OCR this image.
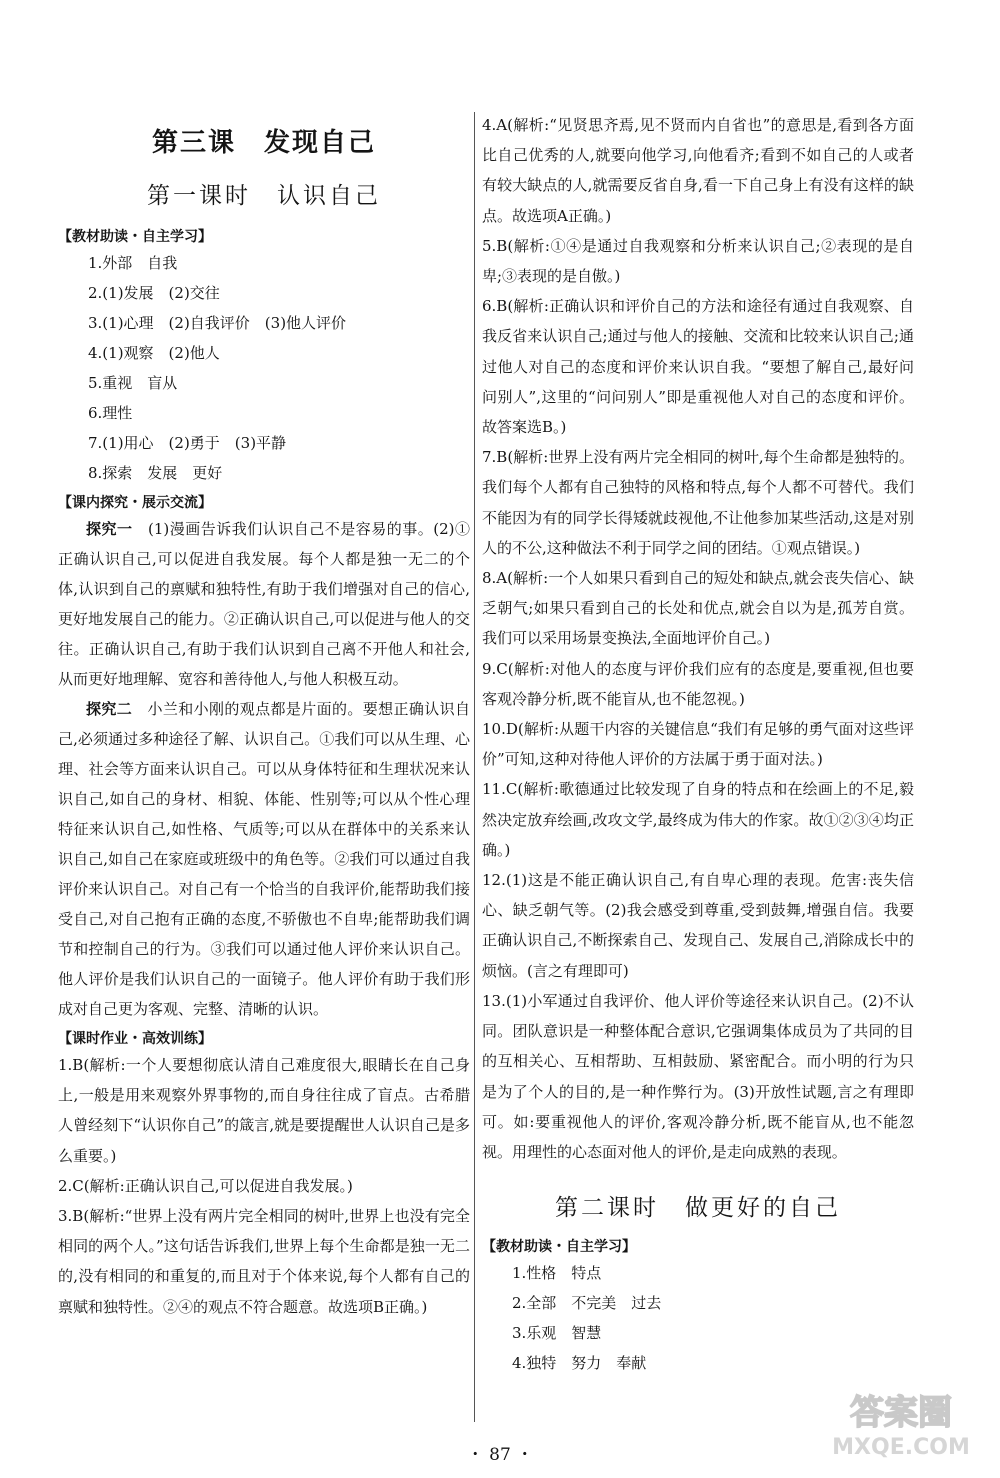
第三课　发现自己
第一课时　认识自己
【教材助读・自主学习】
1.外部　自我
2.(1)发展　(2)交往
3.(1)心理　(2)自我评价　(3)他人评价
4.(1)观察　(2)他人
5.重视　盲从
6.理性
7.(1)用心　(2)勇于　(3)平静
8.探索　发展　更好
【课内探究・展示交流】
探究一　 (1)漫画告诉我们认识自己不是容易的事。(2)①正确认识自己,可以促进自我发展。每个人都是独一无二的个体,认识到自己的禀赋和独特性,有助于我们增强对自己的信心,更好地发展自己的能力。②正确认识自己,可以促进与他人的交往。正确认识自己,有助于我们认识到自己离不开他人和社会,从而更好地理解、宽容和善待他人,与他人积极互动。
探究二　 小兰和小刚的观点都是片面的。要想正确认识自己,必须通过多种途径了解、认识自己。①我们可以从生理、心理、社会等方面来认识自己。可以从身体特征和生理状况来认识自己,如自己的身材、相貌、体能、性别等;可以从个性心理特征来认识自己,如性格、气质等;可以从在群体中的关系来认识自己,如自己在家庭或班级中的角色等。②我们可以通过自我评价来认识自己。对自己有一个恰当的自我评价,能帮助我们接受自己,对自己抱有正确的态度,不骄傲也不自卑;能帮助我们调节和控制自己的行为。③我们可以通过他人评价来认识自己。他人评价是我们认识自己的一面镜子。他人评价有助于我们形成对自己更为客观、完整、清晰的认识。
【课时作业・高效训练】
1.B(解析:一个人要想彻底认清自己难度很大,眼睛长在自己身上,一般是用来观察外界事物的,而自身往往成了盲点。古希腊人曾经刻下“认识你自己”的箴言,就是要提醒世人认识自己是多么重要。)
2.C(解析:正确认识自己,可以促进自我发展。)
3.B(解析:“世界上没有两片完全相同的树叶,世界上也没有完全相同的两个人。”这句话告诉我们,世界上每个生命都是独一无二的,没有相同的和重复的,而且对于个体来说,每个人都有自己的禀赋和独特性。②④的观点不符合题意。故选项B正确。)
4.A(解析:“见贤思齐焉,见不贤而内自省也”的意思是,看到各方面比自己优秀的人,就要向他学习,向他看齐;看到不如自己的人或者有较大缺点的人,就需要反省自身,看一下自己身上有没有这样的缺点。故选项A正确。)
5.B(解析:①④是通过自我观察和分析来认识自己;②表现的是自卑;③表现的是自傲。)
6.B(解析:正确认识和评价自己的方法和途径有通过自我观察、自我反省来认识自己;通过与他人的接触、交流和比较来认识自己;通过他人对自己的态度和评价来认识自我。“要想了解自己,最好问问别人”,这里的“问问别人”即是重视他人对自己的态度和评价。故答案选B。)
7.B(解析:世界上没有两片完全相同的树叶,每个生命都是独特的。我们每个人都有自己独特的风格和特点,每个人都不可替代。我们不能因为有的同学长得矮就歧视他,不让他参加某些活动,这是对别人的不公,这种做法不利于同学之间的团结。①观点错误。)
8.A(解析:一个人如果只看到自己的短处和缺点,就会丧失信心、缺乏朝气;如果只看到自己的长处和优点,就会自以为是,孤芳自赏。我们可以采用场景变换法,全面地评价自己。)
9.C(解析:对他人的态度与评价我们应有的态度是,要重视,但也要客观冷静分析,既不能盲从,也不能忽视。)
10.D(解析:从题干内容的关键信息“我们有足够的勇气面对这些评价”可知,这种对待他人评价的方法属于勇于面对法。)
11.C(解析:歌德通过比较发现了自身的特点和在绘画上的不足,毅然决定放弃绘画,改攻文学,最终成为伟大的作家。故①②③④均正确。)
12.(1)这是不能正确认识自己,有自卑心理的表现。危害:丧失信心、缺乏朝气等。(2)我会感受到尊重,受到鼓舞,增强自信。我要正确认识自己,不断探索自己、发现自己、发展自己,消除成长中的烦恼。(言之有理即可)
13.(1)小军通过自我评价、他人评价等途径来认识自己。(2)不认同。团队意识是一种整体配合意识,它强调集体成员为了共同的目的互相关心、互相帮助、互相鼓励、紧密配合。而小明的行为只是为了个人的目的,是一种作弊行为。(3)开放性试题,言之有理即可。如:要重视他人的评价,客观冷静分析,既不能盲从,也不能忽视。用理性的心态面对他人的评价,是走向成熟的表现。
第二课时　做更好的自己
【教材助读・自主学习】
1.性格　特点
2.全部　不完美　过去
3.乐观　智慧
4.独特　努力　奉献
・ 87 ・
答案圈
MXQE.COM
